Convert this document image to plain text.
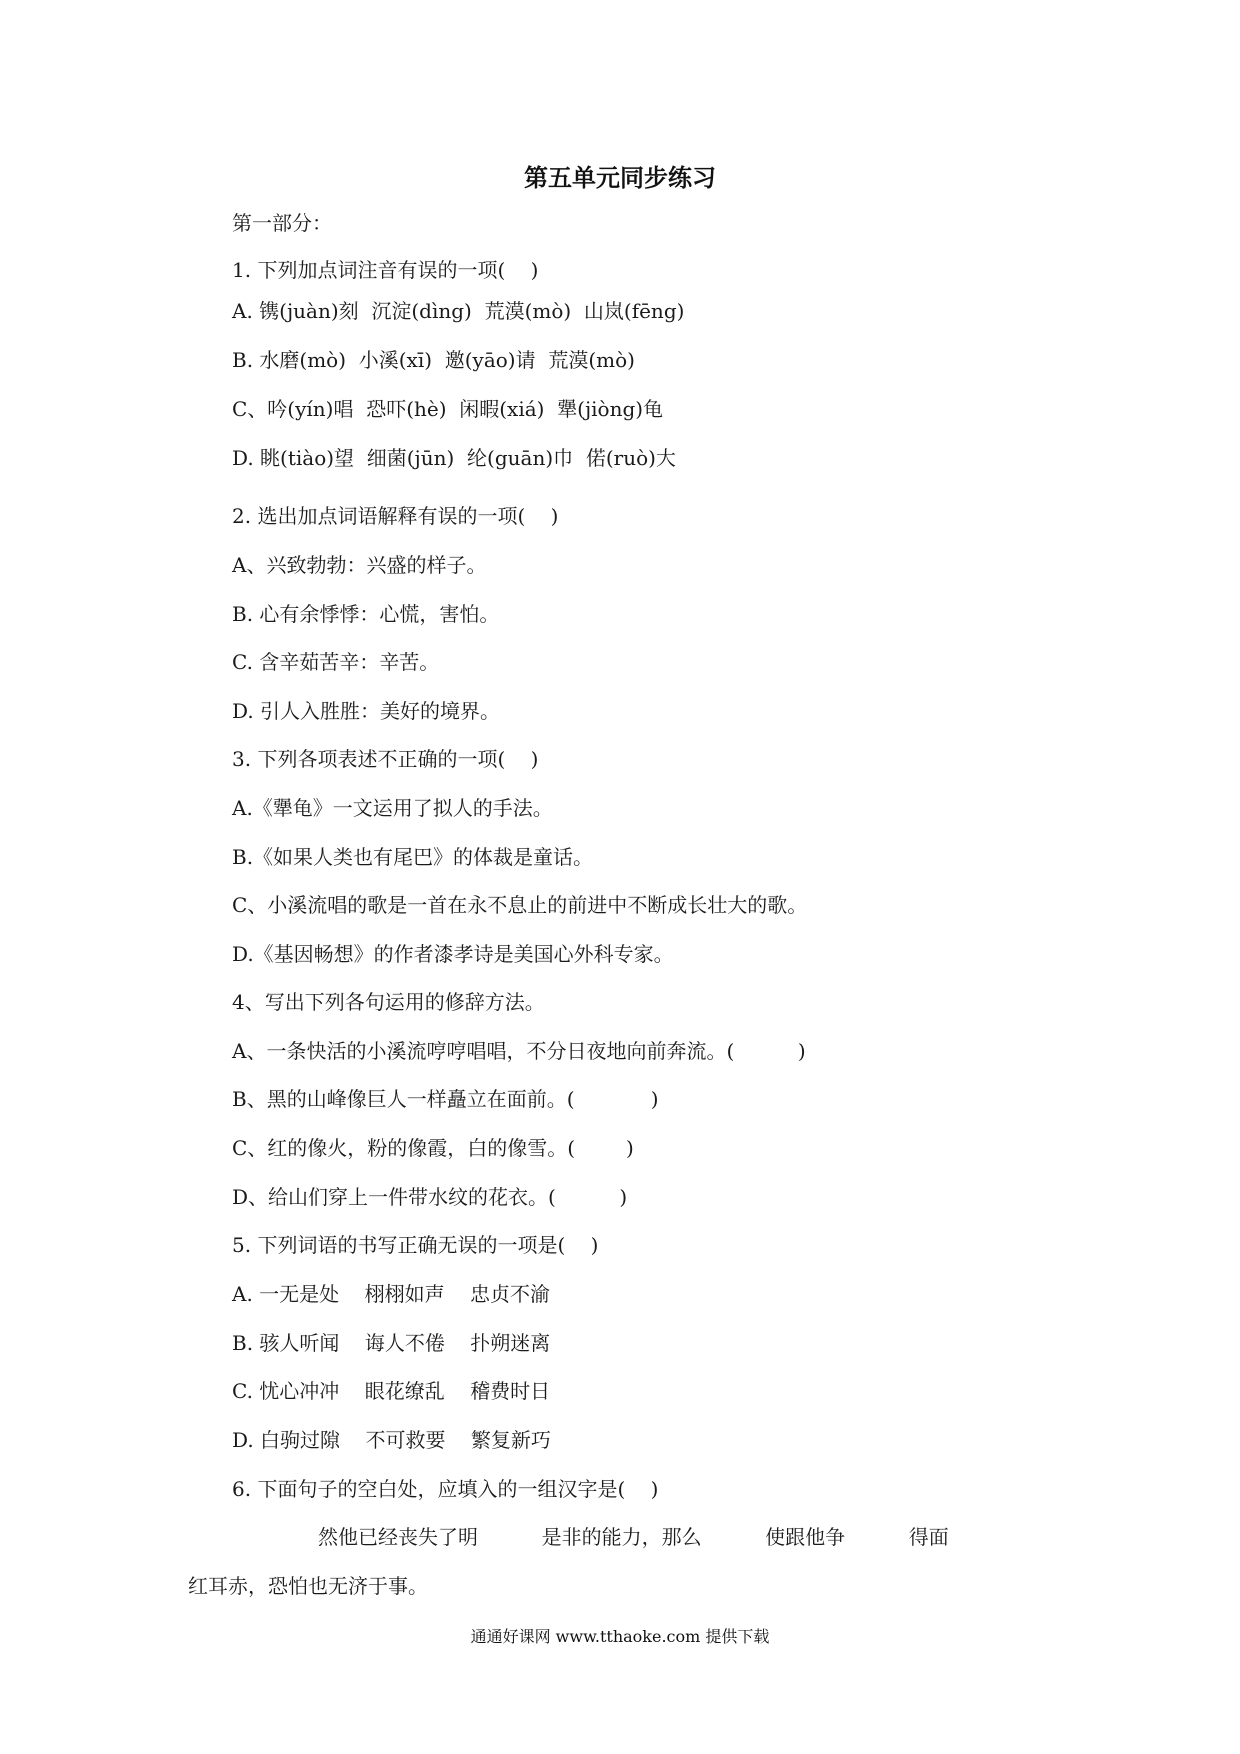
第五单元同步练习
第一部分：
1. 下列加点词注音有误的一项(    )
A. 镌(juàn)刻  沉淀(dìng)  荒漠(mò)  山岚(fēng)
B. 水磨(mò)  小溪(xī)  邀(yāo)请  荒漠(mò)
C、吟(yín)唱  恐吓(hè)  闲暇(xiá)  犟(jiòng)龟
D. 眺(tiào)望  细菌(jūn)  纶(guān)巾  偌(ruò)大
2. 选出加点词语解释有误的一项(    )
A、兴致勃勃：兴盛的样子。
B. 心有余悸悸：心慌，害怕。
C. 含辛茹苦辛：辛苦。
D. 引人入胜胜：美好的境界。
3. 下列各项表述不正确的一项(    )
A.《犟龟》一文运用了拟人的手法。
B.《如果人类也有尾巴》的体裁是童话。
C、小溪流唱的歌是一首在永不息止的前进中不断成长壮大的歌。
D.《基因畅想》的作者漆孝诗是美国心外科专家。
4、写出下列各句运用的修辞方法。
A、一条快活的小溪流哼哼唱唱，不分日夜地向前奔流。(          )
B、黑的山峰像巨人一样矗立在面前。(            )
C、红的像火，粉的像霞，白的像雪。(        )
D、给山们穿上一件带水纹的花衣。(          )
5. 下列词语的书写正确无误的一项是(    )
A. 一无是处    栩栩如声    忠贞不渝
B. 骇人听闻    诲人不倦    扑朔迷离
C. 忧心冲冲    眼花缭乱    稽费时日
D. 白驹过隙    不可救要    繁复新巧
6. 下面句子的空白处，应填入的一组汉字是(    )
然他已经丧失了明          是非的能力，那么          使跟他争          得面
红耳赤，恐怕也无济于事。
通通好课网 www.tthaoke.com 提供下载
